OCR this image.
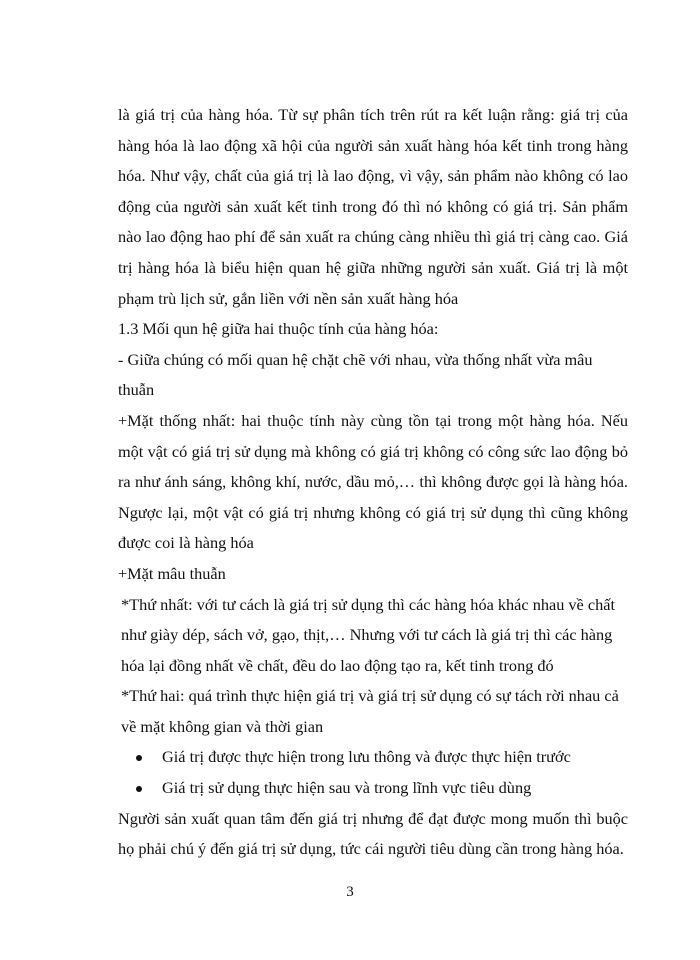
là giá trị của hàng hóa. Từ sự phân tích trên rút ra kết luận rằng: giá trị của hàng hóa là lao động xã hội của người sản xuất hàng hóa kết tinh trong hàng hóa. Như vậy, chất của giá trị là lao động, vì vậy, sản phẩm nào không có lao động của người sản xuất kết tinh trong đó thì nó không có giá trị. Sản phẩm nào lao động hao phí để sản xuất ra chúng càng nhiều thì giá trị càng cao. Giá trị hàng hóa là biểu hiện quan hệ giữa những người sản xuất. Giá trị là một phạm trù lịch sử, gắn liền với nền sản xuất hàng hóa

1.3 Mối qun hệ giữa hai thuộc tính của hàng hóa:

- Giữa chúng có mối quan hệ chặt chẽ với nhau, vừa thống nhất vừa mâu thuẫn

+Mặt thống nhất: hai thuộc tính này cùng tồn tại trong một hàng hóa. Nếu một vật có giá trị sử dụng mà không có giá trị không có công sức lao động bỏ ra như ánh sáng, không khí, nước, dầu mỏ,… thì không được gọi là hàng hóa. Ngược lại, một vật có giá trị nhưng không có giá trị sử dụng thì cũng không được coi là hàng hóa

+Mặt mâu thuẫn

*Thứ nhất: với tư cách là giá trị sử dụng thì các hàng hóa khác nhau về chất như giày dép, sách vở, gạo, thịt,… Nhưng với tư cách là giá trị thì các hàng hóa lại đồng nhất về chất, đều do lao động tạo ra, kết tinh trong đó

*Thứ hai: quá trình thực hiện giá trị và giá trị sử dụng có sự tách rời nhau cả về mặt không gian và thời gian

Giá trị được thực hiện trong lưu thông và được thực hiện trước
Giá trị sử dụng thực hiện sau và trong lĩnh vực tiêu dùng

Người sản xuất quan tâm đến giá trị nhưng để đạt được mong muốn thì buộc họ phải chú ý đến giá trị sử dụng, tức cái người tiêu dùng cần trong hàng hóa.

3
